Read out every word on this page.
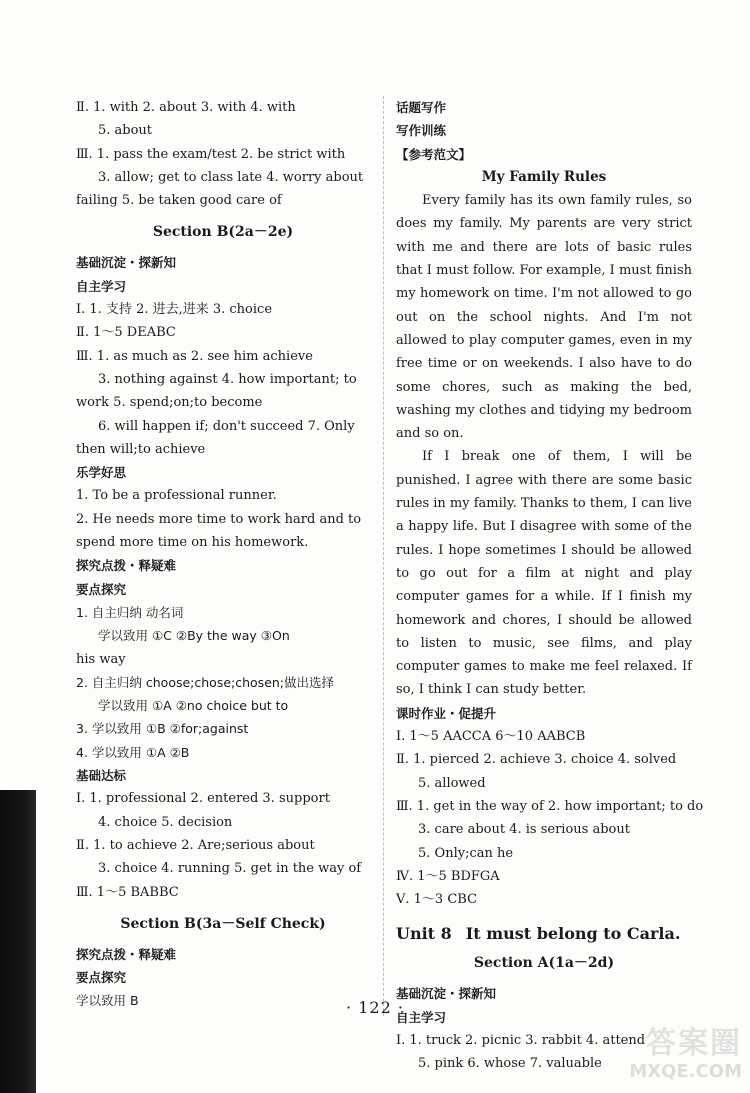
Ⅱ. 1. with 2. about 3. with 4. with
5. about
Ⅲ. 1. pass the exam/test 2. be strict with
3. allow; get to class late 4. worry about
failing 5. be taken good care of
Section B(2a－2e)
基础沉淀・探新知
自主学习
Ⅰ. 1. 支持 2. 进去,进来 3. choice
Ⅱ. 1～5 DEABC
Ⅲ. 1. as much as 2. see him achieve
3. nothing against 4. how important; to
work 5. spend;on;to become
6. will happen if; don't succeed 7. Only
then will;to achieve
乐学好思
1. To be a professional runner.
2. He needs more time to work hard and to
spend more time on his homework.
探究点拨・释疑难
要点探究
1. 自主归纳 动名词
学以致用 ①C ②By the way ③On
his way
2. 自主归纳 choose;chose;chosen;做出选择
学以致用 ①A ②no choice but to
3. 学以致用 ①B ②for;against
4. 学以致用 ①A ②B
基础达标
Ⅰ. 1. professional 2. entered 3. support
4. choice 5. decision
Ⅱ. 1. to achieve 2. Are;serious about
3. choice 4. running 5. get in the way of
Ⅲ. 1～5 BABBC
Section B(3a－Self Check)
探究点拨・释疑难
要点探究
学以致用 B
话题写作
写作训练
【参考范文】
My Family Rules
Every family has its own family rules, so does my family. My parents are very strict with me and there are lots of basic rules that I must follow. For example, I must finish my homework on time. I'm not allowed to go out on the school nights. And I'm not allowed to play computer games, even in my free time or on weekends. I also have to do some chores, such as making the bed, washing my clothes and tidying my bedroom and so on.
If I break one of them, I will be punished. I agree with there are some basic rules in my family. Thanks to them, I can live a happy life. But I disagree with some of the rules. I hope sometimes I should be allowed to go out for a film at night and play computer games for a while. If I finish my homework and chores, I should be allowed to listen to music, see films, and play computer games to make me feel relaxed. If so, I think I can study better.
课时作业・促提升
Ⅰ. 1～5 AACCA 6～10 AABCB
Ⅱ. 1. pierced 2. achieve 3. choice 4. solved
5. allowed
Ⅲ. 1. get in the way of 2. how important; to do
3. care about 4. is serious about
5. Only;can he
Ⅳ. 1～5 BDFGA
Ⅴ. 1～3 CBC
Unit 8 It must belong to Carla.
Section A(1a－2d)
基础沉淀・探新知
自主学习
Ⅰ. 1. truck 2. picnic 3. rabbit 4. attend
5. pink 6. whose 7. valuable
· 122 ·
答案圈
MXQE.COM
